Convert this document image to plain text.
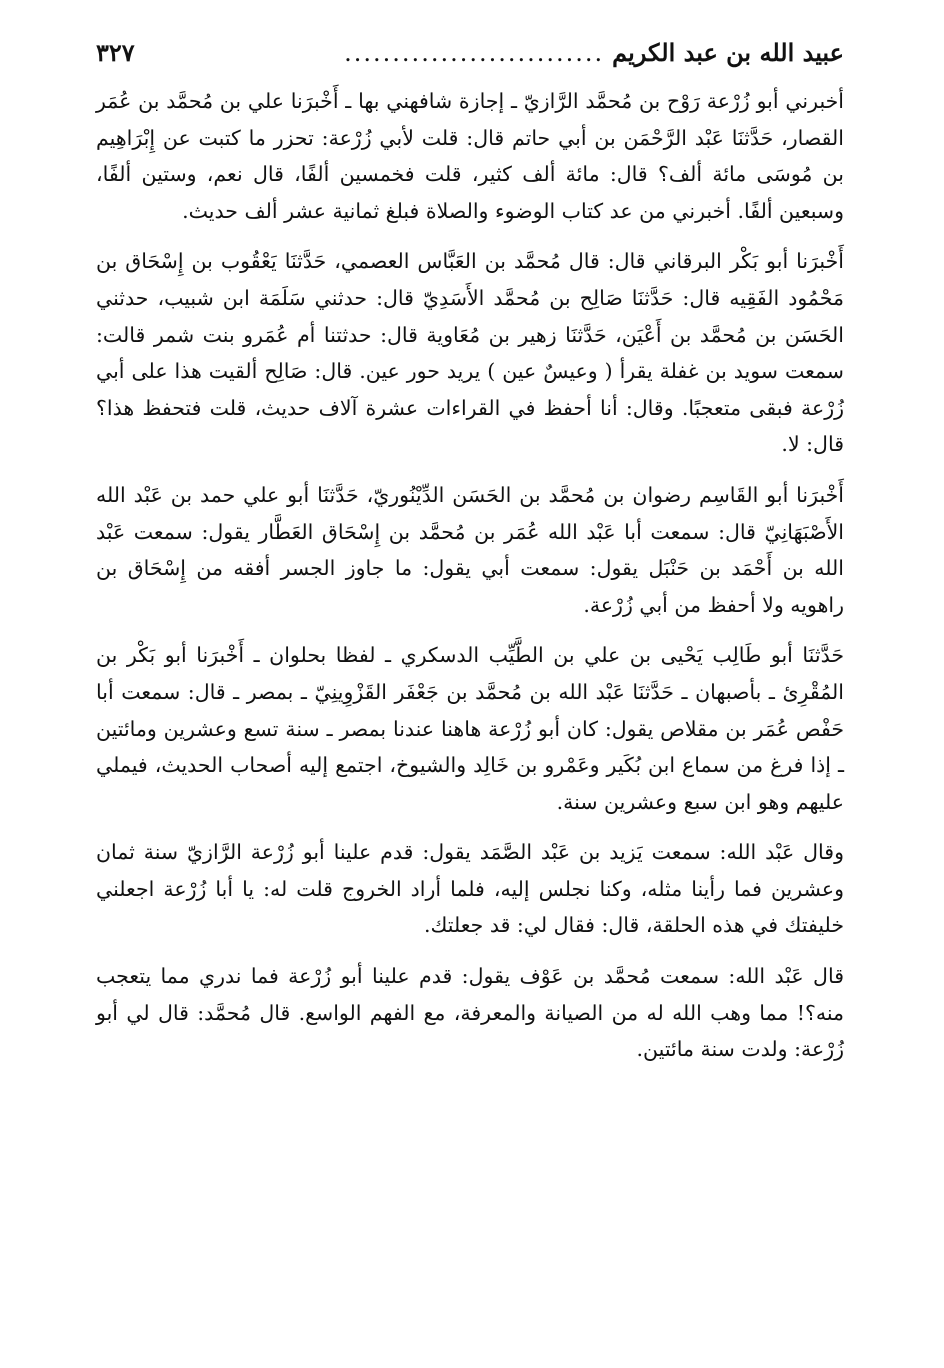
عبيد الله بن عبد الكريم
...........................
٣٢٧

أخبرني أبو زُرْعة رَوْح بن مُحمَّد الرَّازيّ ـ إجازة شافهني بها ـ أَخْبرَنا علي بن مُحمَّد بن عُمَر القصار، حَدَّثنَا عَبْد الرَّحْمَن بن أبي حاتم قال: قلت لأبي زُرْعة: تحزر ما كتبت عن إِبْرَاهِيم بن مُوسَى مائة ألف؟ قال: مائة ألف كثير، قلت فخمسين ألفًا، قال نعم، وستين ألفًا، وسبعين ألفًا. أخبرني من عد كتاب الوضوء والصلاة فبلغ ثمانية عشر ألف حديث.

أَخْبرَنا أبو بَكْر البرقاني قال: قال مُحمَّد بن العَبَّاس العصمي، حَدَّثنَا يَعْقُوب بن إِسْحَاق بن مَحْمُود الفَقِيه قال: حَدَّثنَا صَالِح بن مُحمَّد الأَسَدِيّ قال: حدثني سَلَمَة ابن شبيب، حدثني الحَسَن بن مُحمَّد بن أَعْيَن، حَدَّثنَا زهير بن مُعَاوية قال: حدثتنا أم عُمَرو بنت شمر قالت: سمعت سويد بن غفلة يقرأ ( وعيسٌ عين ) يريد حور عين. قال: صَالِح ألقيت هذا على أبي زُرْعة فبقى متعجبًا. وقال: أنا أحفظ في القراءات عشرة آلاف حديث، قلت فتحفظ هذا؟ قال: لا.

أَخْبرَنا أبو القَاسِم رضوان بن مُحمَّد بن الحَسَن الدِّيْنُوريّ، حَدَّثنَا أبو علي حمد بن عَبْد الله الأَصْبَهَانِيّ قال: سمعت أبا عَبْد الله عُمَر بن مُحمَّد بن إِسْحَاق العَطَّار يقول: سمعت عَبْد الله بن أَحْمَد بن حَنْبَل يقول: سمعت أبي يقول: ما جاوز الجسر أفقه من إِسْحَاق بن راهويه ولا أحفظ من أبي زُرْعة.

حَدَّثنَا أبو طَالِب يَحْيى بن علي بن الطَّيِّب الدسكري ـ لفظا بحلوان ـ أَخْبرَنا أبو بَكْر بن المُقْرِئ ـ بأصبهان ـ حَدَّثنَا عَبْد الله بن مُحمَّد بن جَعْفَر القَزْوِينِيّ ـ بمصر ـ قال: سمعت أبا حَفْص عُمَر بن مقلاص يقول: كان أبو زُرْعة هاهنا عندنا بمصر ـ سنة تسع وعشرين ومائتين ـ إذا فرغ من سماع ابن بُكَير وعَمْرو بن خَالِد والشيوخ، اجتمع إليه أصحاب الحديث، فيملي عليهم وهو ابن سبع وعشرين سنة.

وقال عَبْد الله: سمعت يَزيد بن عَبْد الصَّمَد يقول: قدم علينا أبو زُرْعة الرَّازيّ سنة ثمان وعشرين فما رأينا مثله، وكنا نجلس إليه، فلما أراد الخروج قلت له: يا أبا زُرْعة اجعلني خليفتك في هذه الحلقة، قال: فقال لي: قد جعلتك.

قال عَبْد الله: سمعت مُحمَّد بن عَوْف يقول: قدم علينا أبو زُرْعة فما ندري مما يتعجب منه؟! مما وهب الله له من الصيانة والمعرفة، مع الفهم الواسع. قال مُحمَّد: قال لي أبو زُرْعة: ولدت سنة مائتين.
